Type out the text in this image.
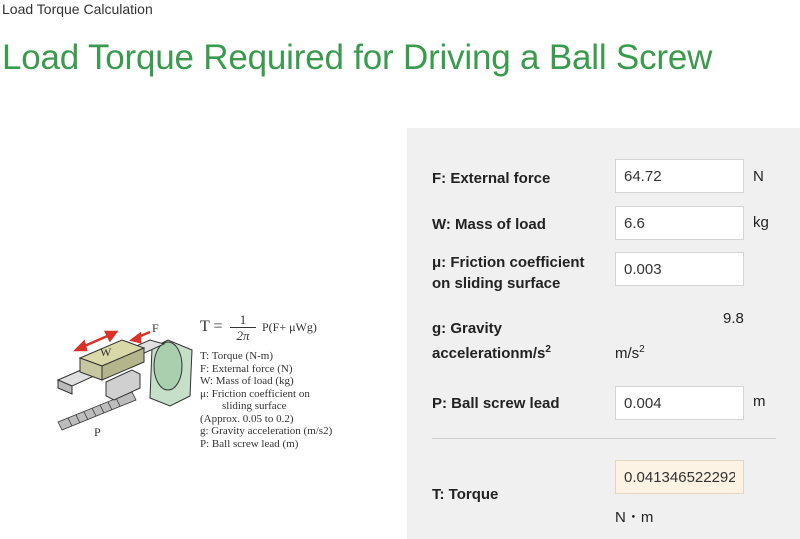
Load Torque Calculation
Load Torque Required for Driving a Ball Screw
W
F
P
$T = \frac{1}{2\pi} P(F+ \mu Wg)$
T: Torque (N-m)
F: External force (N)
W: Mass of load (kg)
μ: Friction coefficient on
sliding surface
(Approx. 0.05 to 0.2)
g: Gravity acceleration (m/s2)
P: Ball screw lead (m)
F: External force
64.72	N
W: Mass of load
6.6	kg
μ: Friction coefficient
on sliding surface
0.003
g: Gravity
accelerationm/$s^2$
9.8
$m/s^2$
P: Ball screw lead
0.004	m
T: Torque
0.04134652229299
N・m
